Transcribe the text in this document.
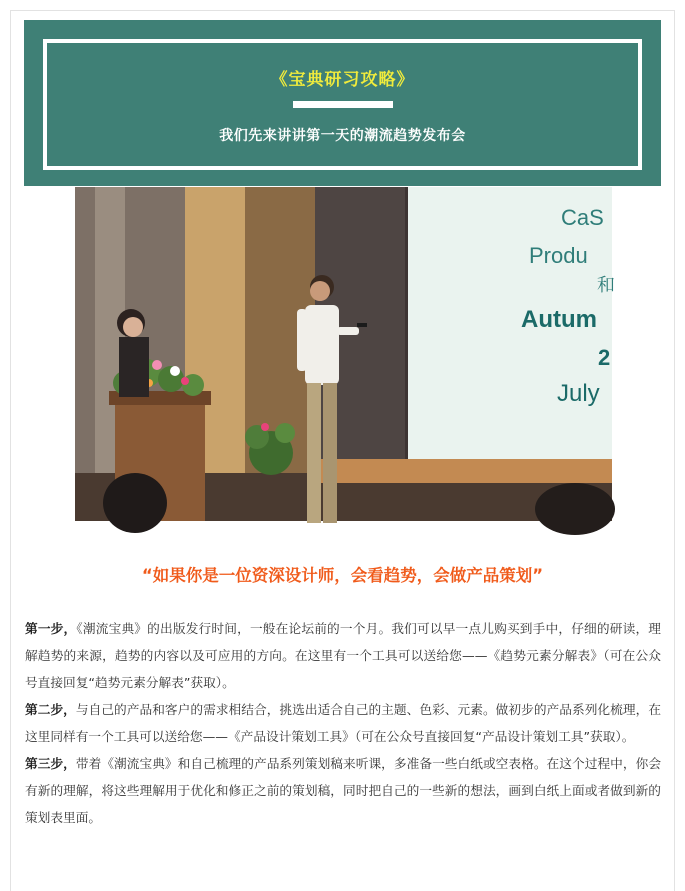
《宝典研习攻略》
我们先来讲讲第一天的潮流趋势发布会
CaS
Produ
和
Autum
2
July
“如果你是一位资深设计师，会看趋势，会做产品策划”

第一步，《潮流宝典》的出版发行时间，一般在论坛前的一个月。我们可以早一点儿购买到手中，仔细的研读，理解趋势的来源，趋势的内容以及可应用的方向。在这里有一个工具可以送给您——《趋势元素分解表》（可在公众号直接回复“趋势元素分解表”获取）。

第二步，与自己的产品和客户的需求相结合，挑选出适合自己的主题、色彩、元素。做初步的产品系列化梳理，在这里同样有一个工具可以送给您——《产品设计策划工具》（可在公众号直接回复“产品设计策划工具”获取）。

第三步，带着《潮流宝典》和自己梳理的产品系列策划稿来听课，多准备一些白纸或空表格。在这个过程中，你会有新的理解，将这些理解用于优化和修正之前的策划稿，同时把自己的一些新的想法，画到白纸上面或者做到新的策划表里面。
